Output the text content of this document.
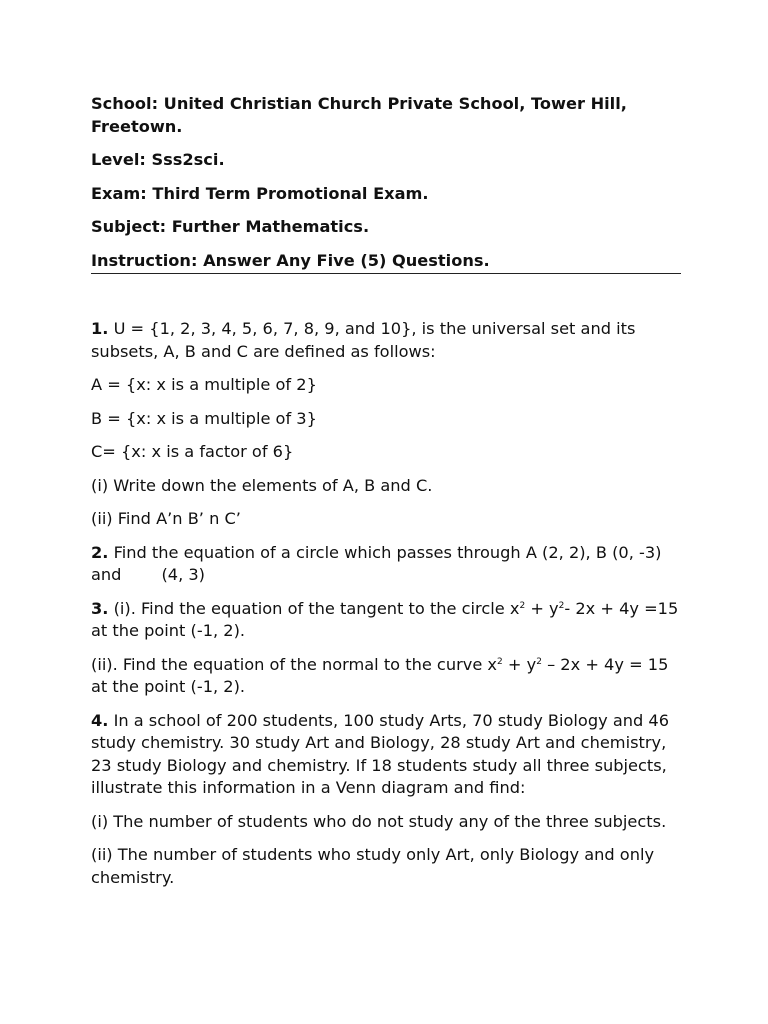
School: United Christian Church Private School, Tower Hill, Freetown.
Level: Sss2sci.
Exam: Third Term Promotional Exam.
Subject: Further Mathematics.
Instruction: Answer Any Five (5) Questions.

1. U = {1, 2, 3, 4, 5, 6, 7, 8, 9, and 10}, is the universal set and its subsets, A, B and C are defined as follows:

A = {x: x is a multiple of 2}

B = {x: x is a multiple of 3}

C= {x: x is a factor of 6}

(i) Write down the elements of A, B and C.

(ii) Find A’n B’ n C’

2. Find the equation of a circle which passes through A (2, 2), B (0, -3) and (4, 3)

3. (i). Find the equation of the tangent to the circle $x^2 + y^2-$ 2x + 4y =15 at the point (-1, 2).

(ii). Find the equation of the normal to the curve $x^2 + y^2 - 2x + 4y = 15$ at the point (-1, 2).

4. In a school of 200 students, 100 study Arts, 70 study Biology and 46 study chemistry. 30 study Art and Biology, 28 study Art and chemistry, 23 study Biology and chemistry. If 18 students study all three subjects, illustrate this information in a Venn diagram and find:

(i) The number of students who do not study any of the three subjects.

(ii) The number of students who study only Art, only Biology and only chemistry.
